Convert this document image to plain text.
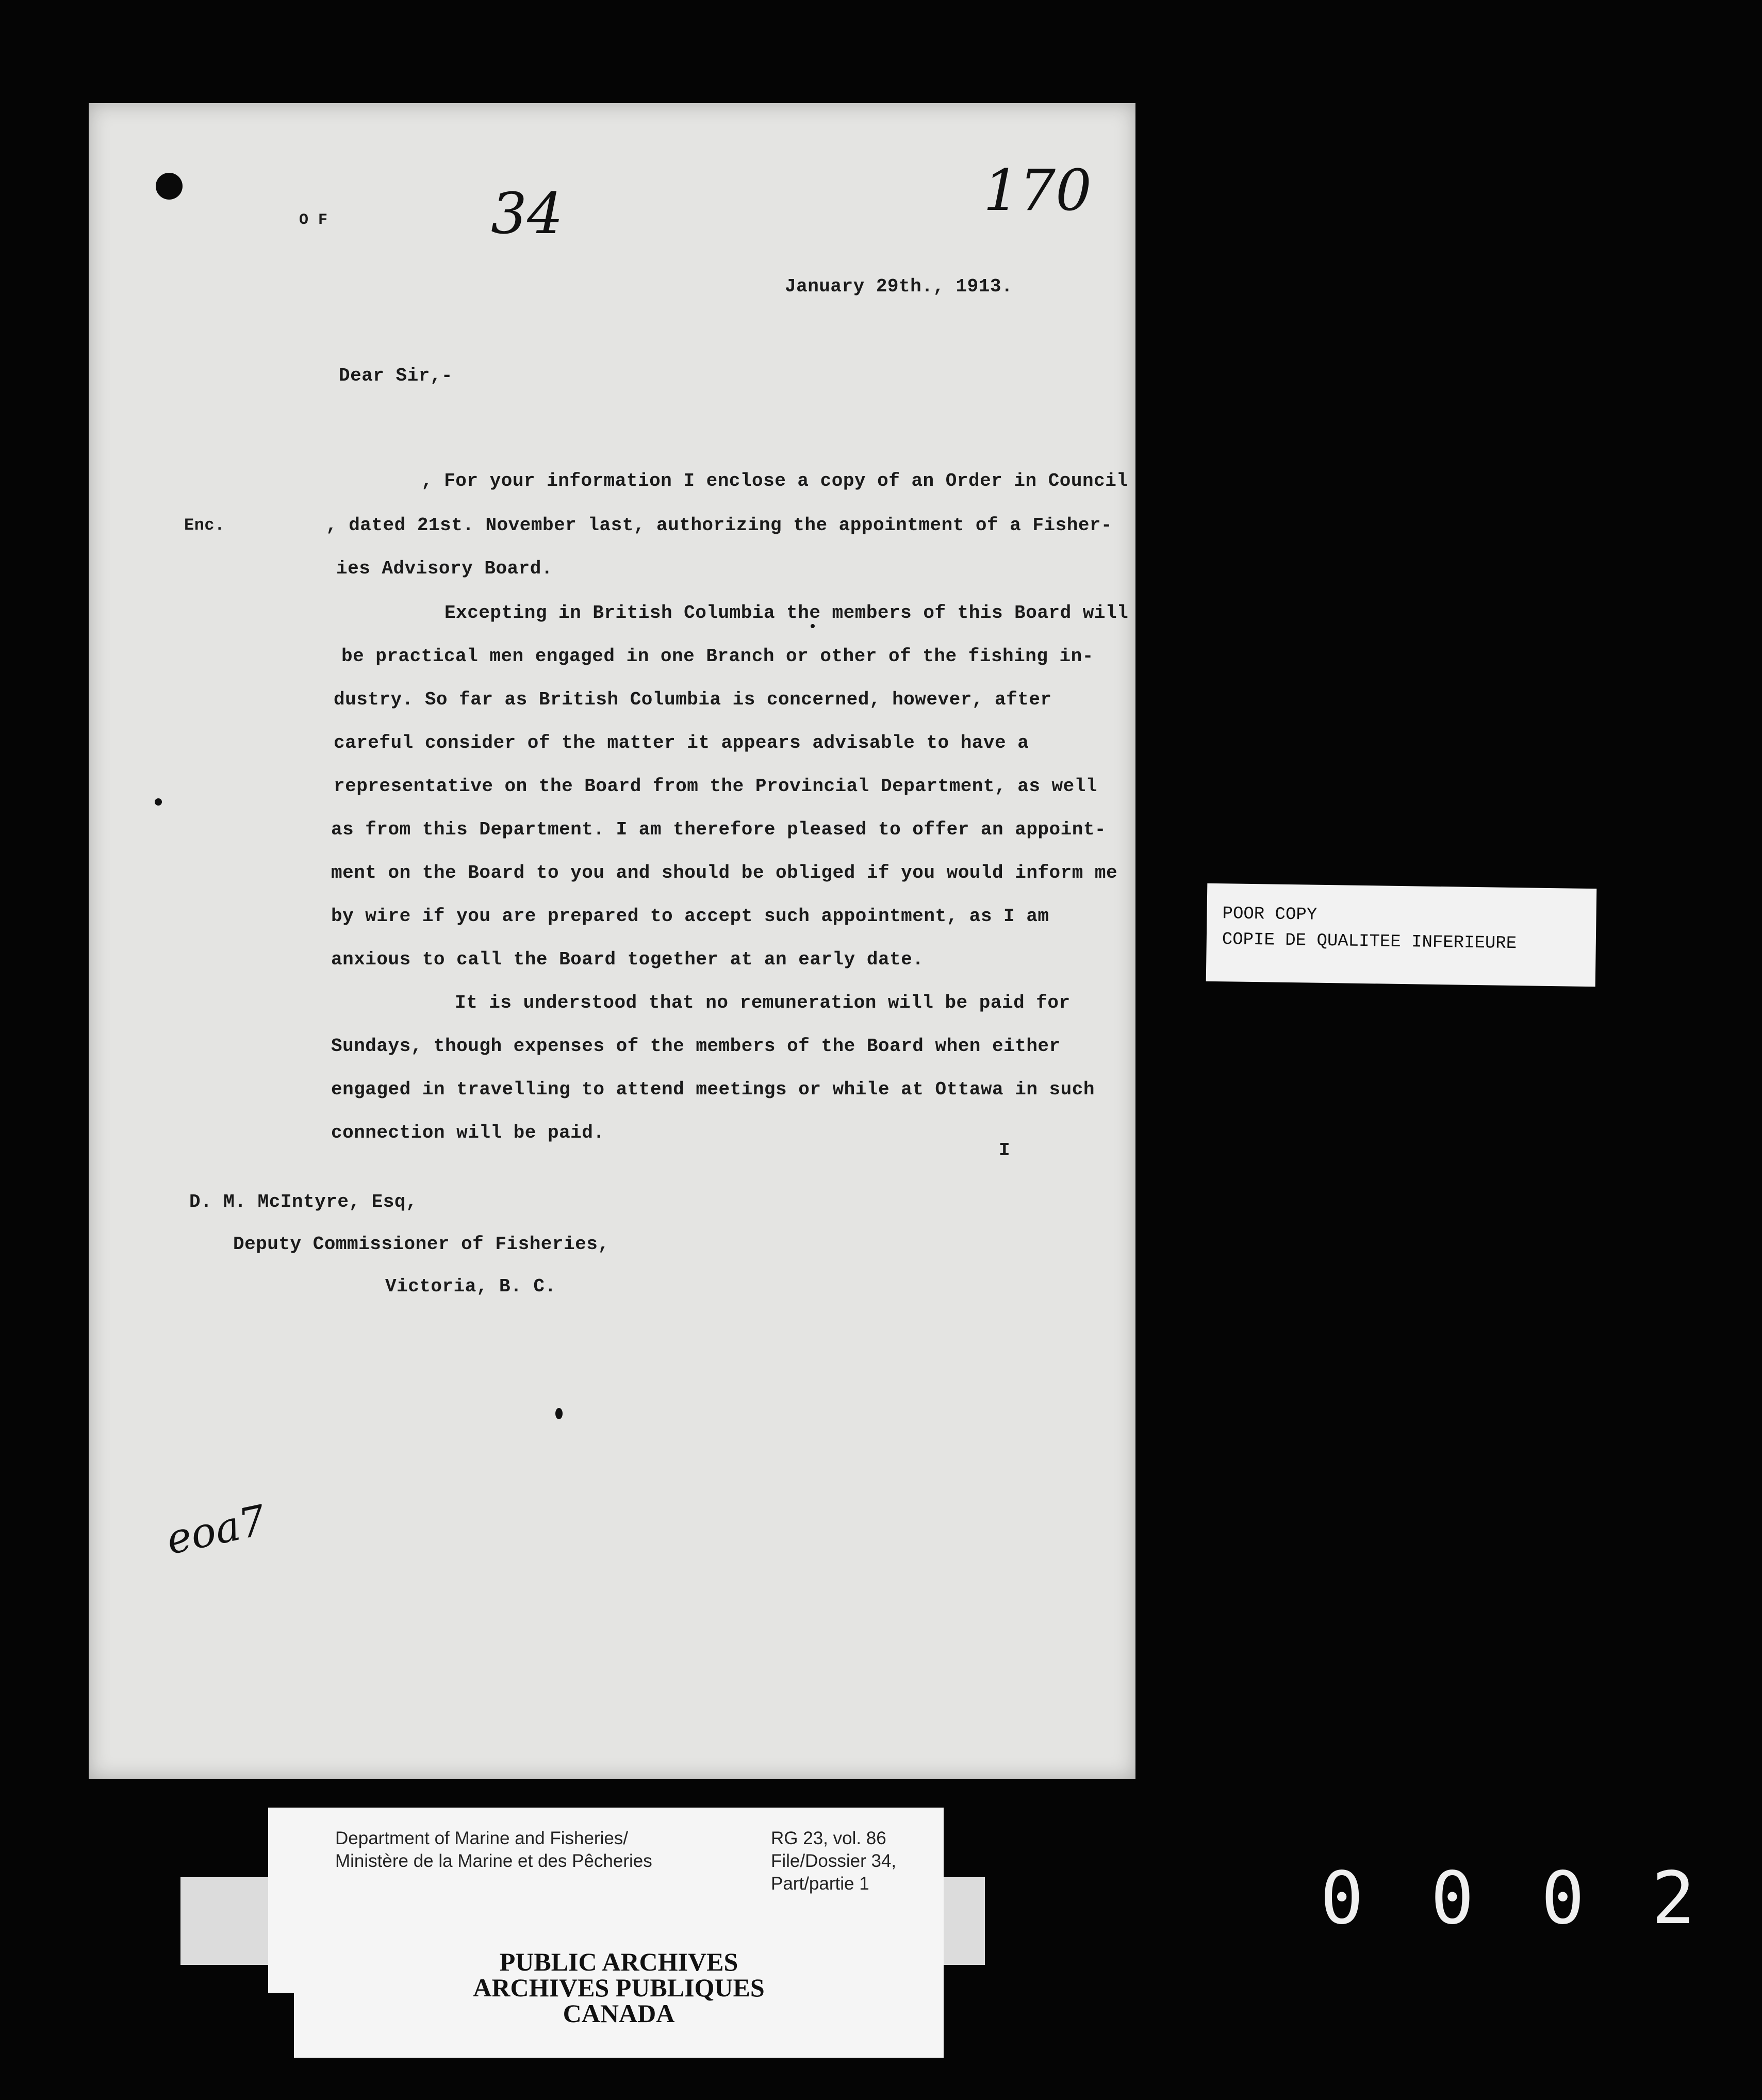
O F	34	170
January 29th., 1913.
Dear Sir,-
Enc.
, For your information I enclose a copy of an Order in Council
, dated 21st. November last, authorizing the appointment of a Fisher-
ies Advisory Board.
Excepting in British Columbia the members of this Board will
be practical men engaged in one Branch or other of the fishing in-
dustry. So far as British Columbia is concerned, however, after
careful consider of the matter it appears advisable to have a
representative on the Board from the Provincial Department, as well
as from this Department. I am therefore pleased to offer an appoint-
ment on the Board to you and should be obliged if you would inform me
by wire if you are prepared to accept such appointment, as I am
anxious to call the Board together at an early date.
It is understood that no remuneration will be paid for
Sundays, though expenses of the members of the Board when either
engaged in travelling to attend meetings or while at Ottawa in such
connection will be paid.
I
D. M. McIntyre, Esq,
Deputy Commissioner of Fisheries,
Victoria, B. C.
eoa7
POOR COPY
COPIE DE QUALITEE INFERIEURE
Department of Marine and Fisheries/
Ministère de la Marine et des Pêcheries
RG 23, vol. 86
File/Dossier 34,
Part/partie 1
PUBLIC ARCHIVES
ARCHIVES PUBLIQUES
CANADA
0002
